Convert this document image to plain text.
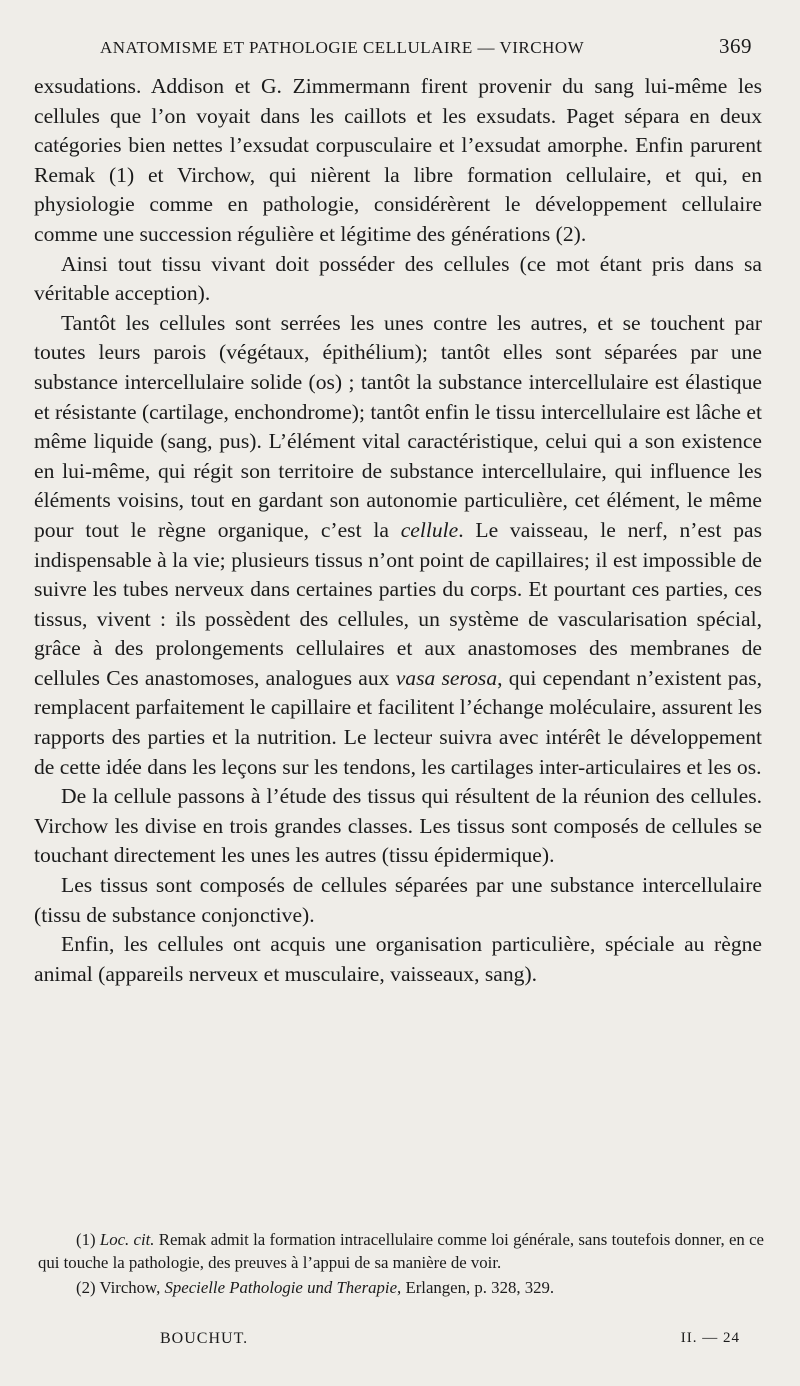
ANATOMISME ET PATHOLOGIE CELLULAIRE — VIRCHOW	369

exsudations. Addison et G. Zimmermann firent provenir du sang lui-même les cellules que l’on voyait dans les caillots et les exsudats. Paget sépara en deux catégories bien nettes l’exsudat corpusculaire et l’exsudat amorphe. Enfin parurent Remak (1) et Virchow, qui nièrent la libre formation cellulaire, et qui, en physiologie comme en pathologie, considérèrent le développement cellulaire comme une succession régulière et légitime des générations (2).

Ainsi tout tissu vivant doit posséder des cellules (ce mot étant pris dans sa véritable acception).

Tantôt les cellules sont serrées les unes contre les autres, et se touchent par toutes leurs parois (végétaux, épithélium); tantôt elles sont séparées par une substance intercellulaire solide (os) ; tantôt la substance intercellulaire est élastique et résistante (cartilage, enchondrome); tantôt enfin le tissu intercellulaire est lâche et même liquide (sang, pus). L’élément vital caractéristique, celui qui a son existence en lui-même, qui régit son territoire de substance intercellulaire, qui influence les éléments voisins, tout en gardant son autonomie particulière, cet élément, le même pour tout le règne organique, c’est la cellule. Le vaisseau, le nerf, n’est pas indispensable à la vie; plusieurs tissus n’ont point de capillaires; il est impossible de suivre les tubes nerveux dans certaines parties du corps. Et pourtant ces parties, ces tissus, vivent : ils possèdent des cellules, un système de vascularisation spécial, grâce à des prolongements cellulaires et aux anastomoses des membranes de cellules Ces anastomoses, analogues aux vasa serosa, qui cependant n’existent pas, remplacent parfaitement le capillaire et facilitent l’échange moléculaire, assurent les rapports des parties et la nutrition. Le lecteur suivra avec intérêt le développement de cette idée dans les leçons sur les tendons, les cartilages inter-articulaires et les os.

De la cellule passons à l’étude des tissus qui résultent de la réunion des cellules. Virchow les divise en trois grandes classes. Les tissus sont composés de cellules se touchant directement les unes les autres (tissu épidermique).

Les tissus sont composés de cellules séparées par une substance intercellulaire (tissu de substance conjonctive).

Enfin, les cellules ont acquis une organisation particulière, spéciale au règne animal (appareils nerveux et musculaire, vaisseaux, sang).

(1) Loc. cit. Remak admit la formation intracellulaire comme loi générale, sans toutefois donner, en ce qui touche la pathologie, des preuves à l’appui de sa manière de voir.

(2) Virchow, Specielle Pathologie und Therapie, Erlangen, p. 328, 329.

BOUCHUT.	II. — 24
